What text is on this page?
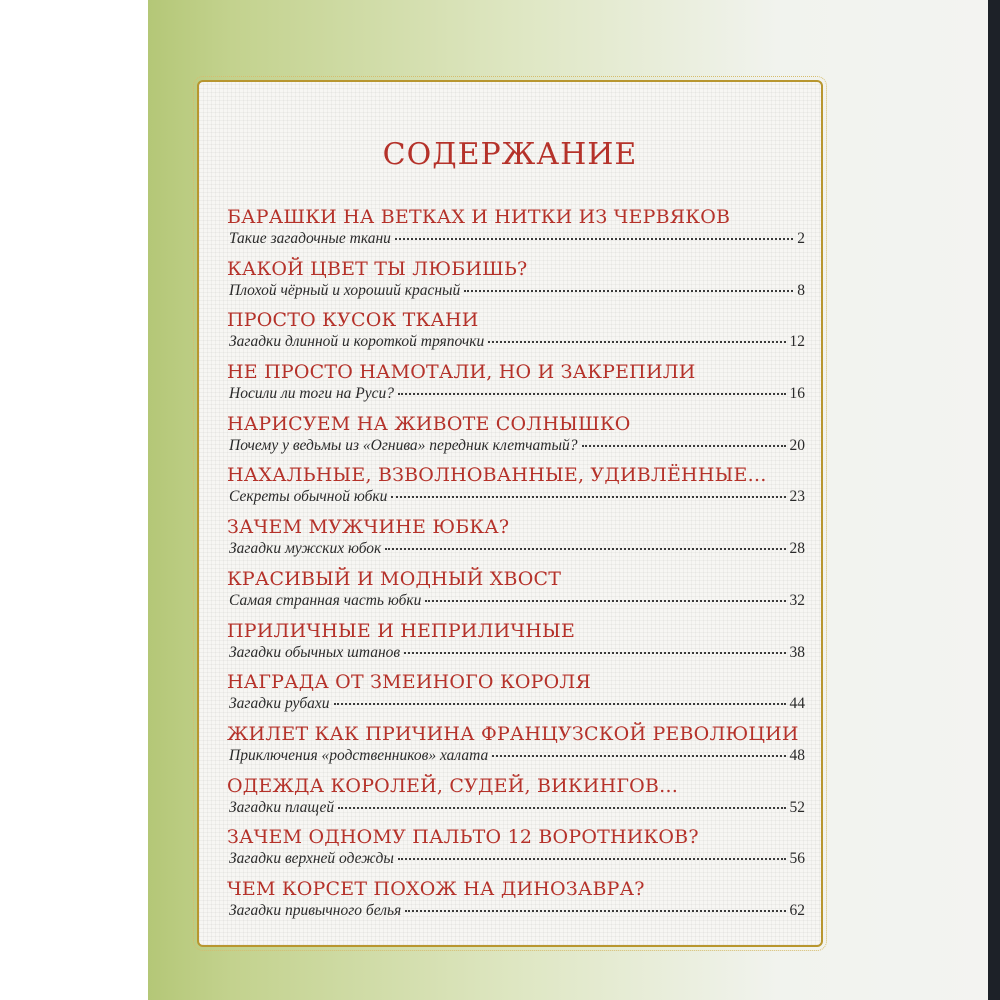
СОДЕРЖАНИЕ
БАРАШКИ НА ВЕТКАХ И НИТКИ ИЗ ЧЕРВЯКОВ
Такие загадочные ткани	2
КАКОЙ ЦВЕТ ТЫ ЛЮБИШЬ?
Плохой чёрный и хороший красный	8
ПРОСТО КУСОК ТКАНИ
Загадки длинной и короткой тряпочки	12
НЕ ПРОСТО НАМОТАЛИ, НО И ЗАКРЕПИЛИ
Носили ли тоги на Руси?	16
НАРИСУЕМ НА ЖИВОТЕ СОЛНЫШКО
Почему у ведьмы из «Огнива» передник клетчатый?	20
НАХАЛЬНЫЕ, ВЗВОЛНОВАННЫЕ, УДИВЛЁННЫЕ…
Секреты обычной юбки	23
ЗАЧЕМ МУЖЧИНЕ ЮБКА?
Загадки мужских юбок	28
КРАСИВЫЙ И МОДНЫЙ ХВОСТ
Самая странная часть юбки	32
ПРИЛИЧНЫЕ И НЕПРИЛИЧНЫЕ
Загадки обычных штанов	38
НАГРАДА ОТ ЗМЕИНОГО КОРОЛЯ
Загадки рубахи	44
ЖИЛЕТ КАК ПРИЧИНА ФРАНЦУЗСКОЙ РЕВОЛЮЦИИ
Приключения «родственников» халата	48
ОДЕЖДА КОРОЛЕЙ, СУДЕЙ, ВИКИНГОВ…
Загадки плащей	52
ЗАЧЕМ ОДНОМУ ПАЛЬТО 12 ВОРОТНИКОВ?
Загадки верхней одежды	56
ЧЕМ КОРСЕТ ПОХОЖ НА ДИНОЗАВРА?
Загадки привычного белья	62
